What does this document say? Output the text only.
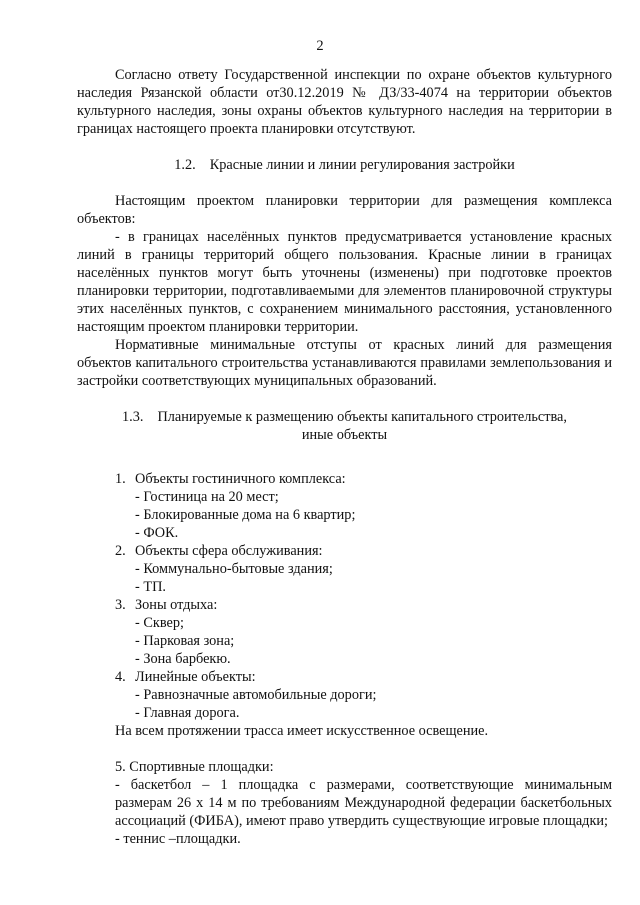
2

Согласно ответу Государственной инспекции по охране объектов культурного наследия Рязанской области от30.12.2019 № ДЗ/33-4074 на территории объектов культурного наследия, зоны охраны объектов культурного наследия на территории в границах настоящего проекта планировки отсутствуют.

1.2. Красные линии и линии регулирования застройки

Настоящим проектом планировки территории для размещения комплекса объектов:

- в границах населённых пунктов предусматривается установление красных линий в границы территорий общего пользования. Красные линии в границах населённых пунктов могут быть уточнены (изменены) при подготовке проектов планировки территории, подготавливаемыми для элементов планировочной структуры этих населённых пунктов, с сохранением минимального расстояния, установленного настоящим проектом планировки территории.

Нормативные минимальные отступы от красных линий для размещения объектов капитального строительства устанавливаются правилами землепользования и застройки соответствующих муниципальных образований.

1.3. Планируемые к размещению объекты капитального строительства,
иные объекты
1. Объекты гостиничного комплекса:
- Гостиница на 20 мест;
- Блокированные дома на 6 квартир;
- ФОК.
2. Объекты сфера обслуживания:
- Коммунально-бытовые здания;
- ТП.
3. Зоны отдыха:
- Сквер;
- Парковая зона;
- Зона барбекю.
4. Линейные объекты:
- Равнозначные автомобильные дороги;
- Главная дорога.

На всем протяжении трасса имеет искусственное освещение.

5. Спортивные площадки:

- баскетбол – 1 площадка с размерами, соответствующие минимальным размерам 26 х 14 м по требованиям Международной федерации баскетбольных ассоциаций (ФИБА), имеют право утвердить существующие игровые площадки;

- теннис –площадки.
